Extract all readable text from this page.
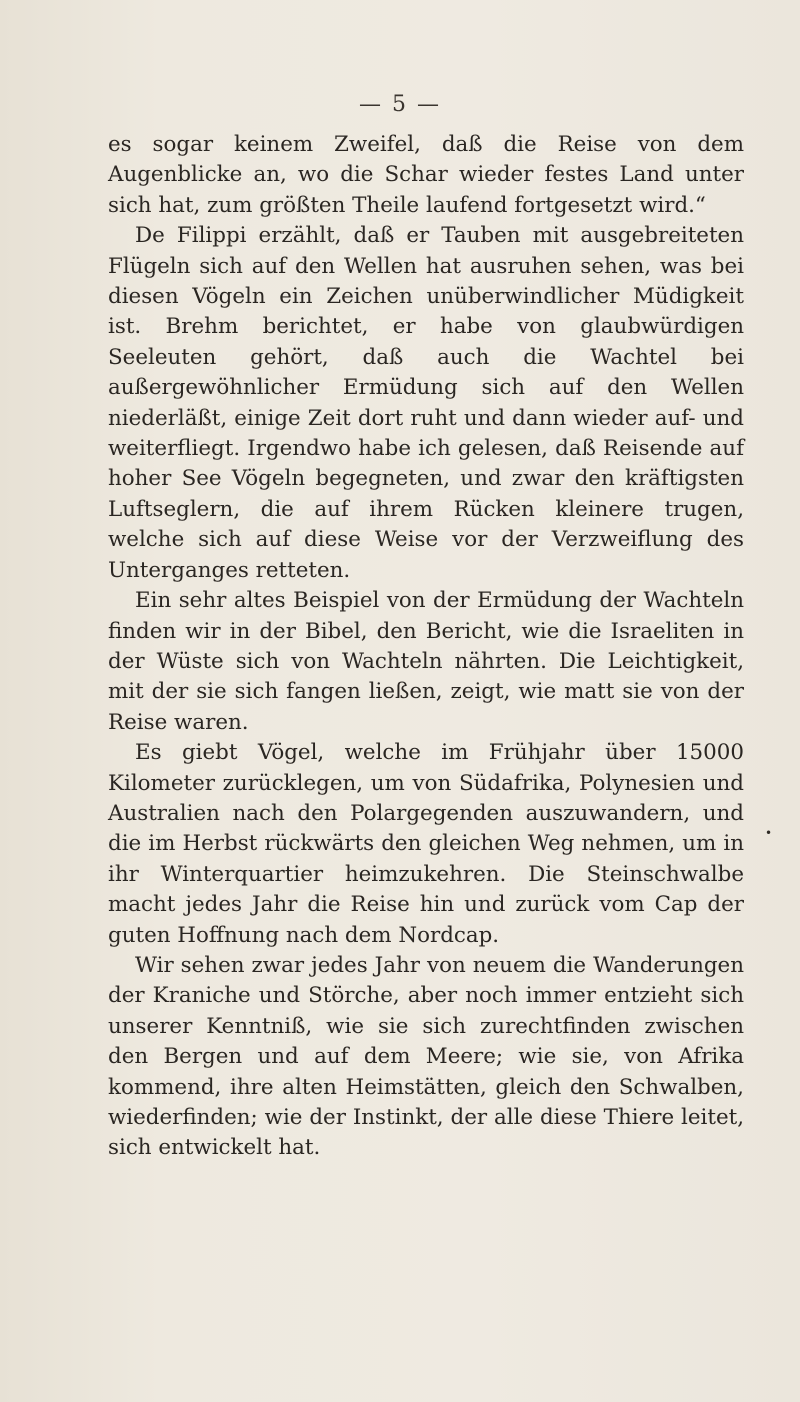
— 5 —

es sogar keinem Zweifel, daß die Reise von dem Augenblicke an, wo die Schar wieder festes Land unter sich hat, zum größten Theile laufend fortgesetzt wird.“

De Filippi erzählt, daß er Tauben mit ausgebreiteten Flügeln sich auf den Wellen hat ausruhen sehen, was bei diesen Vögeln ein Zeichen unüberwindlicher Müdigkeit ist. Brehm berichtet, er habe von glaubwürdigen Seeleuten gehört, daß auch die Wachtel bei außergewöhnlicher Ermüdung sich auf den Wellen niederläßt, einige Zeit dort ruht und dann wieder auf- und weiterfliegt. Irgendwo habe ich gelesen, daß Reisende auf hoher See Vögeln begegneten, und zwar den kräftigsten Luftseglern, die auf ihrem Rücken kleinere trugen, welche sich auf diese Weise vor der Verzweiflung des Unterganges retteten.

Ein sehr altes Beispiel von der Ermüdung der Wachteln finden wir in der Bibel, den Bericht, wie die Israeliten in der Wüste sich von Wachteln nährten. Die Leichtigkeit, mit der sie sich fangen ließen, zeigt, wie matt sie von der Reise waren.

Es giebt Vögel, welche im Frühjahr über 15000 Kilometer zurücklegen, um von Südafrika, Polynesien und Australien nach den Polargegenden auszuwandern, und die im Herbst rückwärts den gleichen Weg nehmen, um in ihr Winterquartier heimzukehren. Die Steinschwalbe macht jedes Jahr die Reise hin und zurück vom Cap der guten Hoffnung nach dem Nordcap.

Wir sehen zwar jedes Jahr von neuem die Wanderungen der Kraniche und Störche, aber noch immer entzieht sich unserer Kenntniß, wie sie sich zurechtfinden zwischen den Bergen und auf dem Meere; wie sie, von Afrika kommend, ihre alten Heimstätten, gleich den Schwalben, wiederfinden; wie der Instinkt, der alle diese Thiere leitet, sich entwickelt hat.

•
